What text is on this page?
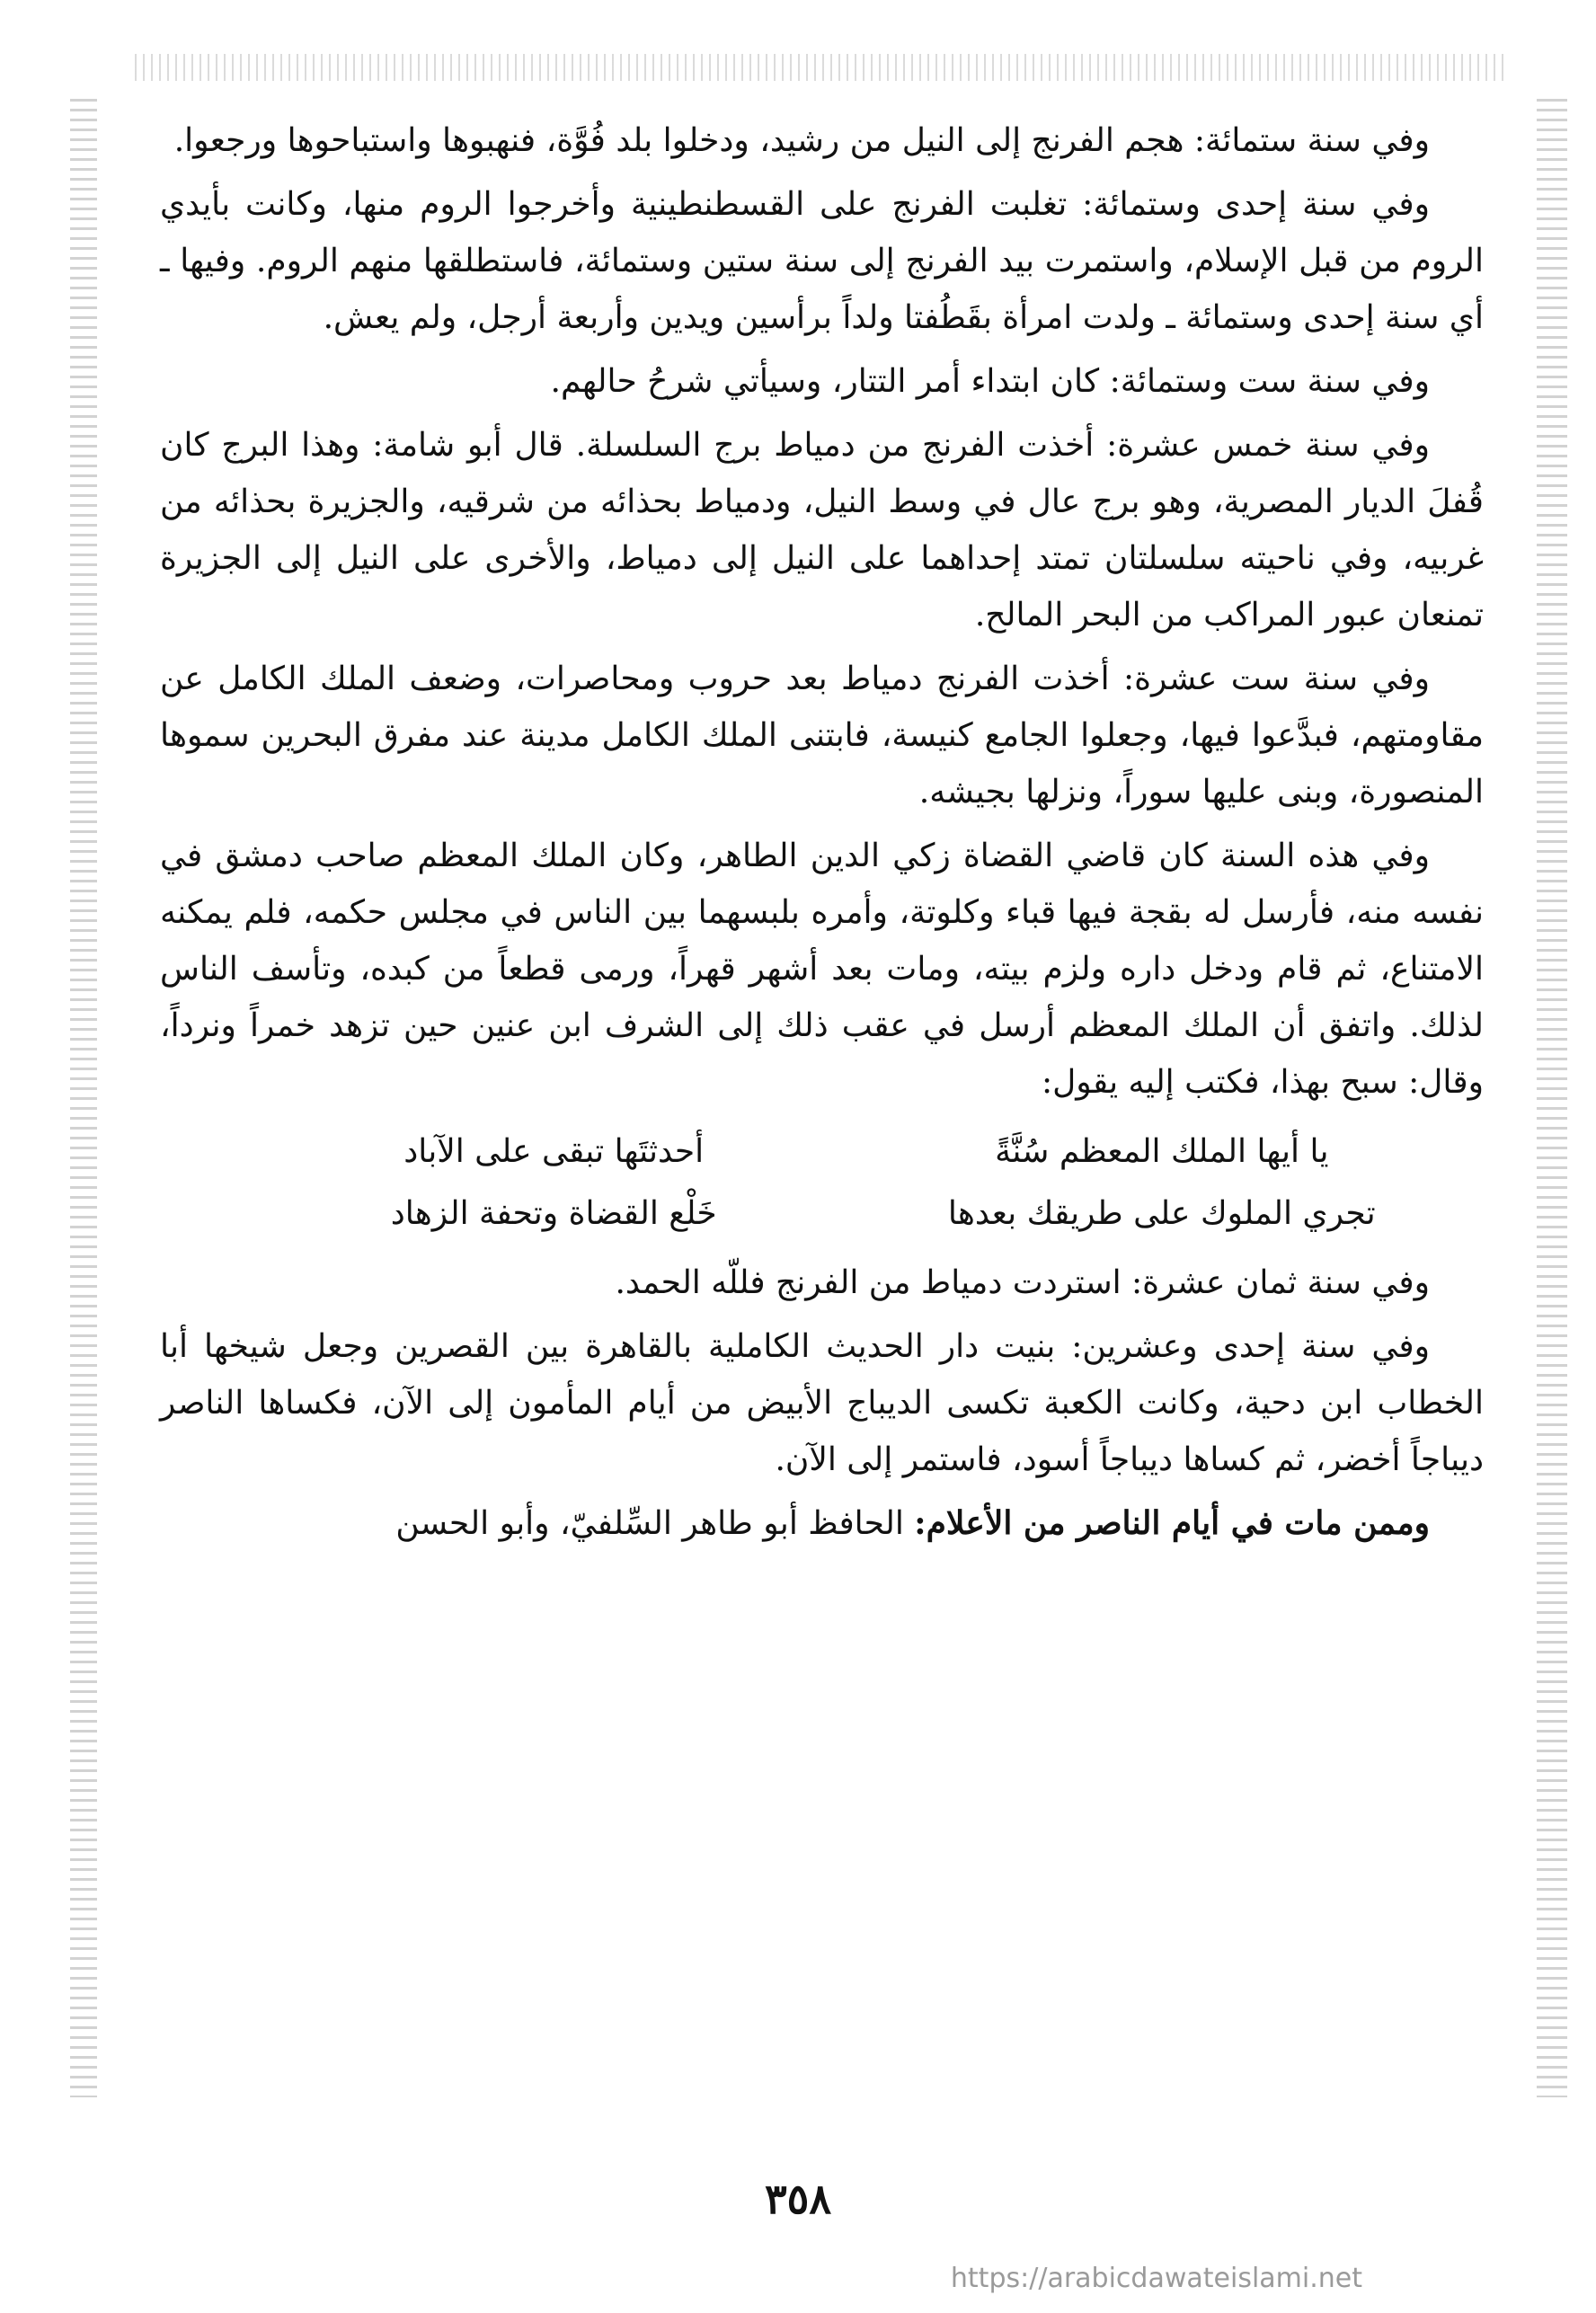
وفي سنة ستمائة: هجم الفرنج إلى النيل من رشيد، ودخلوا بلد فُوَّة، فنهبوها واستباحوها ورجعوا.

وفي سنة إحدى وستمائة: تغلبت الفرنج على القسطنطينية وأخرجوا الروم منها، وكانت بأيدي الروم من قبل الإسلام، واستمرت بيد الفرنج إلى سنة ستين وستمائة، فاستطلقها منهم الروم. وفيها ـ أي سنة إحدى وستمائة ـ ولدت امرأة بقَطُفتا ولداً برأسين ويدين وأربعة أرجل، ولم يعش.

وفي سنة ست وستمائة: كان ابتداء أمر التتار، وسيأتي شرحُ حالهم.

وفي سنة خمس عشرة: أخذت الفرنج من دمياط برج السلسلة. قال أبو شامة: وهذا البرج كان قُفلَ الديار المصرية، وهو برج عال في وسط النيل، ودمياط بحذائه من شرقيه، والجزيرة بحذائه من غربيه، وفي ناحيته سلسلتان تمتد إحداهما على النيل إلى دمياط، والأخرى على النيل إلى الجزيرة تمنعان عبور المراكب من البحر المالح.

وفي سنة ست عشرة: أخذت الفرنج دمياط بعد حروب ومحاصرات، وضعف الملك الكامل عن مقاومتهم، فبدَّعوا فيها، وجعلوا الجامع كنيسة، فابتنى الملك الكامل مدينة عند مفرق البحرين سموها المنصورة، وبنى عليها سوراً، ونزلها بجيشه.

وفي هذه السنة كان قاضي القضاة زكي الدين الطاهر، وكان الملك المعظم صاحب دمشق في نفسه منه، فأرسل له بقجة فيها قباء وكلوتة، وأمره بلبسهما بين الناس في مجلس حكمه، فلم يمكنه الامتناع، ثم قام ودخل داره ولزم بيته، ومات بعد أشهر قهراً، ورمى قطعاً من كبده، وتأسف الناس لذلك. واتفق أن الملك المعظم أرسل في عقب ذلك إلى الشرف ابن عنين حين تزهد خمراً ونرداً، وقال: سبح بهذا، فكتب إليه يقول:

يا أيها الملك المعظم سُنَّةً
أحدثتَها تبقى على الآباد
تجري الملوك على طريقك بعدها
خَلْع القضاة وتحفة الزهاد

وفي سنة ثمان عشرة: استردت دمياط من الفرنج فللّه الحمد.

وفي سنة إحدى وعشرين: بنيت دار الحديث الكاملية بالقاهرة بين القصرين وجعل شيخها أبا الخطاب ابن دحية، وكانت الكعبة تكسى الديباج الأبيض من أيام المأمون إلى الآن، فكساها الناصر ديباجاً أخضر، ثم كساها ديباجاً أسود، فاستمر إلى الآن.

وممن مات في أيام الناصر من الأعلام: الحافظ أبو طاهر السِّلفيّ، وأبو الحسن

٣٥٨
https://arabicdawateislami.net
